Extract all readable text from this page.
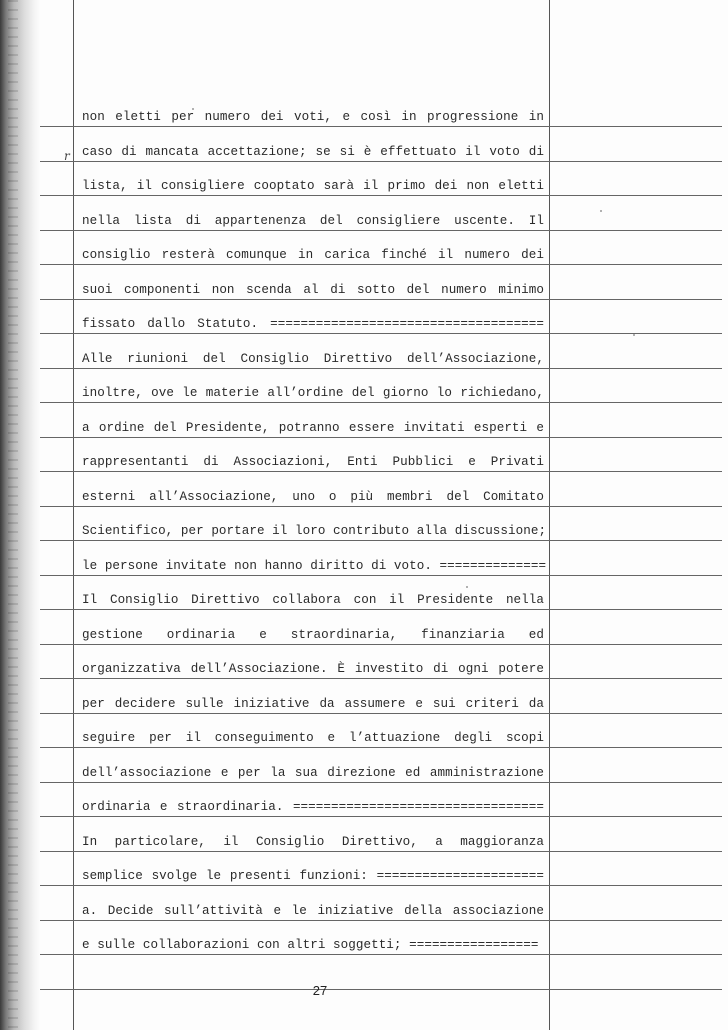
non eletti per numero dei voti, e così in progressione in
caso di mancata accettazione; se si è effettuato il voto di
lista, il consigliere cooptato sarà il primo dei non eletti
nella lista di appartenenza del consigliere uscente. Il
consiglio resterà comunque in carica finché il numero dei
suoi componenti non scenda al di sotto del numero minimo
fissato dallo Statuto. ====================================
Alle riunioni del Consiglio Direttivo dell’Associazione,
inoltre, ove le materie all’ordine del giorno lo richiedano,
a ordine del Presidente, potranno essere invitati esperti e
rappresentanti di Associazioni, Enti Pubblici e Privati
esterni all’Associazione, uno o più membri del Comitato
Scientifico, per portare il loro contributo alla discussione;
le persone invitate non hanno diritto di voto. ==============
Il Consiglio Direttivo collabora con il Presidente nella
gestione ordinaria e straordinaria, finanziaria ed
organizzativa dell’Associazione. È investito di ogni potere
per decidere sulle iniziative da assumere e sui criteri da
seguire per il conseguimento e l’attuazione degli scopi
dell’associazione e per la sua direzione ed amministrazione
ordinaria e straordinaria. =================================
In particolare, il Consiglio Direttivo, a maggioranza
semplice svolge le presenti funzioni: ======================
a. Decide sull’attività e le iniziative della associazione
e sulle collaborazioni con altri soggetti; =================
r
27
